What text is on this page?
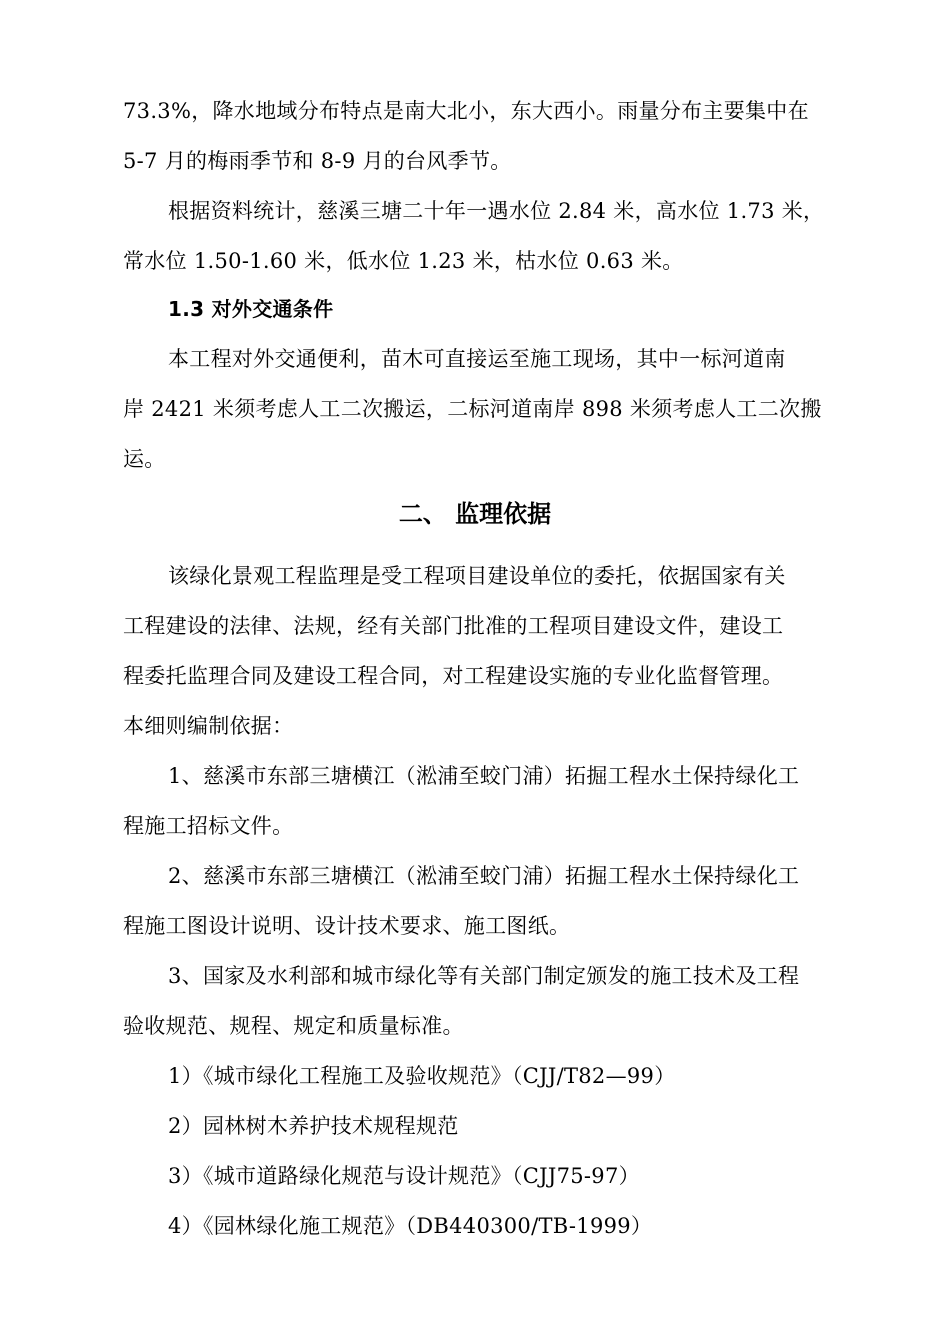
73.3%，降水地域分布特点是南大北小，东大西小。雨量分布主要集中在
5-7 月的梅雨季节和 8-9 月的台风季节。
根据资料统计，慈溪三塘二十年一遇水位 2.84 米，高水位 1.73 米，
常水位 1.50-1.60 米，低水位 1.23 米，枯水位 0.63 米。
1.3 对外交通条件
本工程对外交通便利，苗木可直接运至施工现场，其中一标河道南
岸 2421 米须考虑人工二次搬运，二标河道南岸 898 米须考虑人工二次搬
运。
二、 监理依据
该绿化景观工程监理是受工程项目建设单位的委托，依据国家有关
工程建设的法律、法规，经有关部门批准的工程项目建设文件，建设工
程委托监理合同及建设工程合同，对工程建设实施的专业化监督管理。
本细则编制依据：
1、慈溪市东部三塘横江（淞浦至蛟门浦）拓掘工程水土保持绿化工
程施工招标文件。
2、慈溪市东部三塘横江（淞浦至蛟门浦）拓掘工程水土保持绿化工
程施工图设计说明、设计技术要求、施工图纸。
3、国家及水利部和城市绿化等有关部门制定颁发的施工技术及工程
验收规范、规程、规定和质量标准。
1）《城市绿化工程施工及验收规范》（CJJ/T82—99）
2）园林树木养护技术规程规范
3）《城市道路绿化规范与设计规范》（CJJ75-97）
4）《园林绿化施工规范》（DB440300/TB-1999）
